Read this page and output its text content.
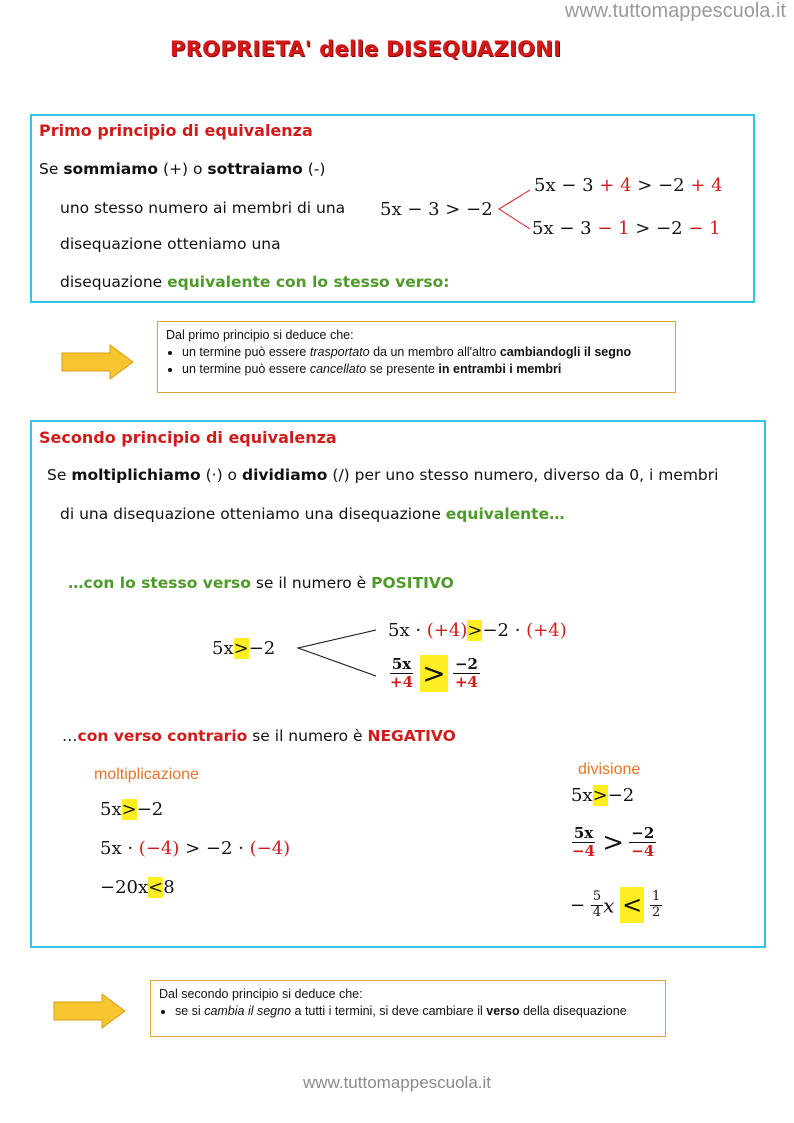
www.tuttomappescuola.it
PROPRIETA' delle DISEQUAZIONI
Primo principio di equivalenza
Se sommiamo (+) o sottraiamo (-)
uno stesso numero ai membri di una
disequazione otteniamo una
disequazione equivalente con lo stesso verso:
5x − 3 > −2
5x − 3 + 4 > −2 + 4
5x − 3 − 1 > −2 − 1
Dal primo principio si deduce che:
• un termine può essere trasportato da un membro all'altro cambiandogli il segno
• un termine può essere cancellato se presente in entrambi i membri
Secondo principio di equivalenza
Se moltiplichiamo (·) o dividiamo (/) per uno stesso numero, diverso da 0, i membri
di una disequazione otteniamo una disequazione equivalente…
…con lo stesso verso se il numero è POSITIVO
5x>−2
5x · (+4)>−2 · (+4)
$\frac{5x}{+4} > \frac{-2}{+4}$
…con verso contrario se il numero è NEGATIVO
moltiplicazione
5x>−2
5x · (−4) > −2 · (−4)
−20x<8
divisione
5x>−2
$\frac{5x}{-4} > \frac{-2}{-4}$
− $\frac{5}{4}$ $x < \frac{1}{2}$
Dal secondo principio si deduce che:
• se si cambia il segno a tutti i termini, si deve cambiare il verso della disequazione
www.tuttomappescuola.it
